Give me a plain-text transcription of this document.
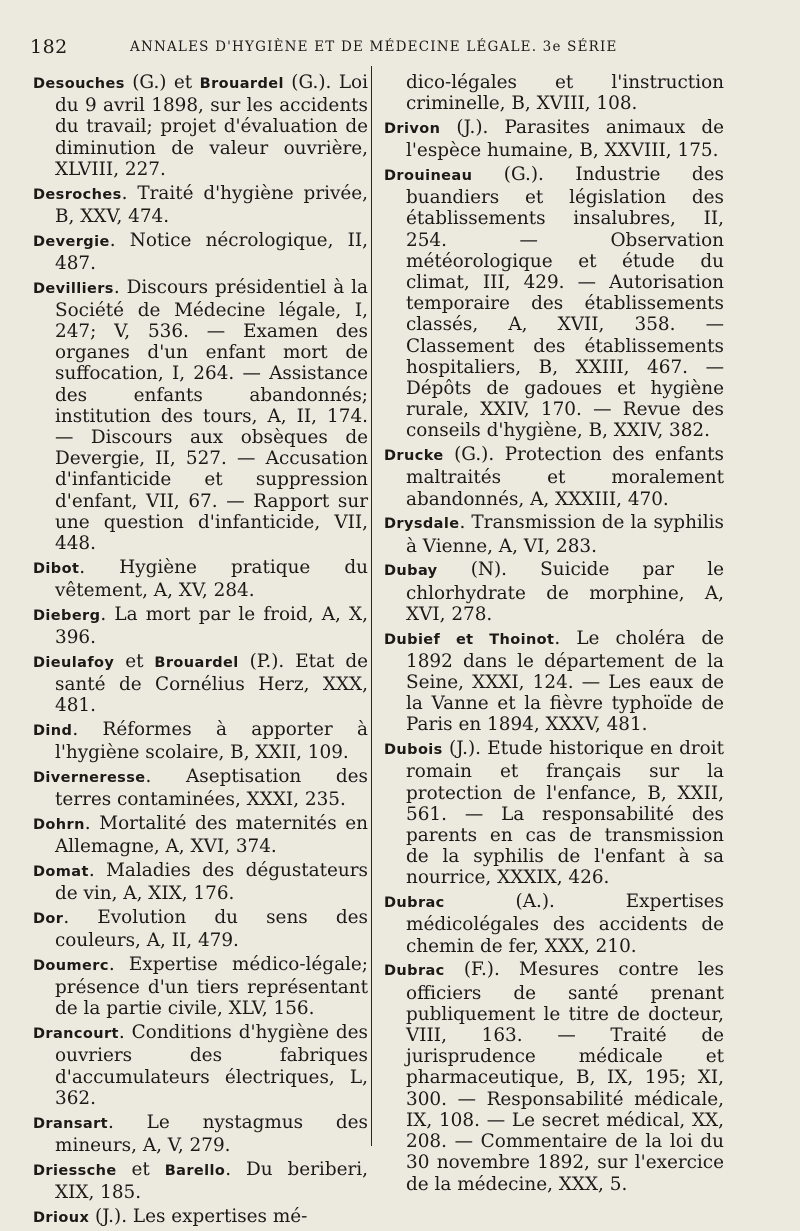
182	ANNALES D'HYGIÈNE ET DE MÉDECINE LÉGALE. 3e SÉRIE

Desouches (G.) et Brouardel (G.). Loi du 9 avril 1898, sur les accidents du travail; projet d'évaluation de diminution de valeur ouvrière, XLVIII, 227.

Desroches. Traité d'hygiène privée, B, XXV, 474.

Devergie. Notice nécrologique, II, 487.

Devilliers. Discours présidentiel à la Société de Médecine légale, I, 247; V, 536. — Examen des organes d'un enfant mort de suffocation, I, 264. — Assistance des enfants abandonnés; institution des tours, A, II, 174. — Discours aux obsèques de Devergie, II, 527. — Accusation d'infanticide et suppression d'enfant, VII, 67. — Rapport sur une question d'infanticide, VII, 448.

Dibot. Hygiène pratique du vêtement, A, XV, 284.

Dieberg. La mort par le froid, A, X, 396.

Dieulafoy et Brouardel (P.). Etat de santé de Cornélius Herz, XXX, 481.

Dind. Réformes à apporter à l'hygiène scolaire, B, XXII, 109.

Diverneresse. Aseptisation des terres contaminées, XXXI, 235.

Dohrn. Mortalité des maternités en Allemagne, A, XVI, 374.

Domat. Maladies des dégustateurs de vin, A, XIX, 176.

Dor. Evolution du sens des couleurs, A, II, 479.

Doumerc. Expertise médico-légale; présence d'un tiers représentant de la partie civile, XLV, 156.

Drancourt. Conditions d'hygiène des ouvriers des fabriques d'accumulateurs électriques, L, 362.

Dransart. Le nystagmus des mineurs, A, V, 279.

Driessche et Barello. Du beriberi, XIX, 185.

Drioux (J.). Les expertises mé-

dico-légales et l'instruction criminelle, B, XVIII, 108.

Drivon (J.). Parasites animaux de l'espèce humaine, B, XXVIII, 175.

Drouineau (G.). Industrie des buandiers et législation des établissements insalubres, II, 254. — Observation météorologique et étude du climat, III, 429. — Autorisation temporaire des établissements classés, A, XVII, 358. — Classement des établissements hospitaliers, B, XXIII, 467. — Dépôts de gadoues et hygiène rurale, XXIV, 170. — Revue des conseils d'hygiène, B, XXIV, 382.

Drucke (G.). Protection des enfants maltraités et moralement abandonnés, A, XXXIII, 470.

Drysdale. Transmission de la syphilis à Vienne, A, VI, 283.

Dubay (N). Suicide par le chlorhydrate de morphine, A, XVI, 278.

Dubief et Thoinot. Le choléra de 1892 dans le département de la Seine, XXXI, 124. — Les eaux de la Vanne et la fièvre typhoïde de Paris en 1894, XXXV, 481.

Dubois (J.). Etude historique en droit romain et français sur la protection de l'enfance, B, XXII, 561. — La responsabilité des parents en cas de transmission de la syphilis de l'enfant à sa nourrice, XXXIX, 426.

Dubrac (A.). Expertises médicolégales des accidents de chemin de fer, XXX, 210.

Dubrac (F.). Mesures contre les officiers de santé prenant publiquement le titre de docteur, VIII, 163. — Traité de jurisprudence médicale et pharmaceutique, B, IX, 195; XI, 300. — Responsabilité médicale, IX, 108. — Le secret médical, XX, 208. — Commentaire de la loi du 30 novembre 1892, sur l'exercice de la médecine, XXX, 5.
